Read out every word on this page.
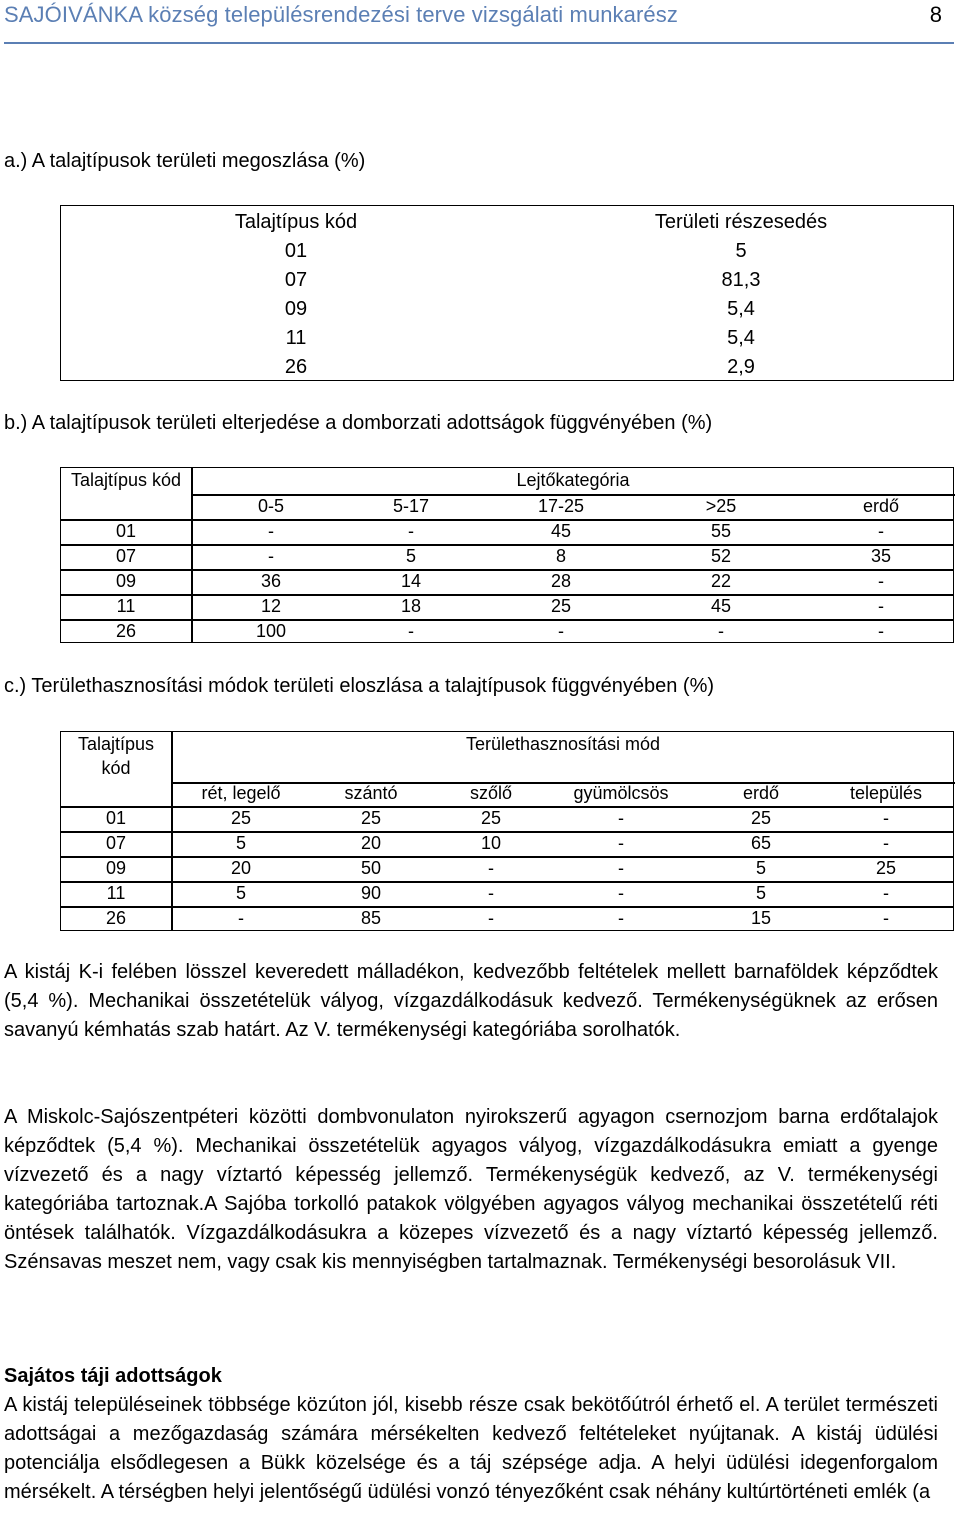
SAJÓIVÁNKA község településrendezési terve vizsgálati munkarész	8
a.) A talajtípusok területi megoszlása (%)
Talajtípus kód	Területi részesedés
01	5
07	81,3
09	5,4
11	5,4
26	2,9
b.) A talajtípusok területi elterjedése a domborzati adottságok függvényében (%)
Talajtípus kód	Lejtőkategória
0-5	5-17	17-25	>25	erdő
01	-	-	45	55	-
07	-	5	8	52	35
09	36	14	28	22	-
11	12	18	25	45	-
26	100	-	-	-	-
c.) Területhasznosítási módok területi eloszlása a talajtípusok függvényében (%)
Talajtípus
kód
Területhasznosítási mód
rét, legelő	szántó	szőlő	gyümölcsös	erdő	település
01	25	25	25	-	25	-
07	5	20	10	-	65	-
09	20	50	-	-	5	25
11	5	90	-	-	5	-
26	-	85	-	-	15	-
A kistáj K-i felében lösszel keveredett málladékon, kedvezőbb feltételek mellett barnaföldek képződtek (5,4 %). Mechanikai összetételük vályog, vízgazdálkodásuk kedvező. Termékenységüknek az erősen savanyú kémhatás szab határt. Az V. termékenységi kategóriába sorolhatók.
A Miskolc-Sajószentpéteri közötti dombvonulaton nyirokszerű agyagon csernozjom barna erdőtalajok képződtek (5,4 %). Mechanikai összetételük agyagos vályog, vízgazdálkodásukra emiatt a gyenge vízvezető és a nagy víztartó képesség jellemző. Termékenységük kedvező, az V. termékenységi kategóriába tartoznak.A Sajóba torkolló patakok völgyében agyagos vályog mechanikai összetételű réti öntések találhatók. Vízgazdálkodásukra a közepes vízvezető és a nagy víztartó képesség jellemző. Szénsavas meszet nem, vagy csak kis mennyiségben tartalmaznak. Termékenységi besorolásuk VII.
Sajátos táji adottságok
A kistáj településeinek többsége közúton jól, kisebb része csak bekötőútról érhető el. A terület természeti adottságai a mezőgazdaság számára mérsékelten kedvező feltételeket nyújtanak. A kistáj üdülési potenciálja elsődlegesen a Bükk közelsége és a táj szépsége adja. A helyi üdülési idegenforgalom mérsékelt. A térségben helyi jelentőségű üdülési vonzó tényezőként csak néhány kultúrtörténeti emlék (a
